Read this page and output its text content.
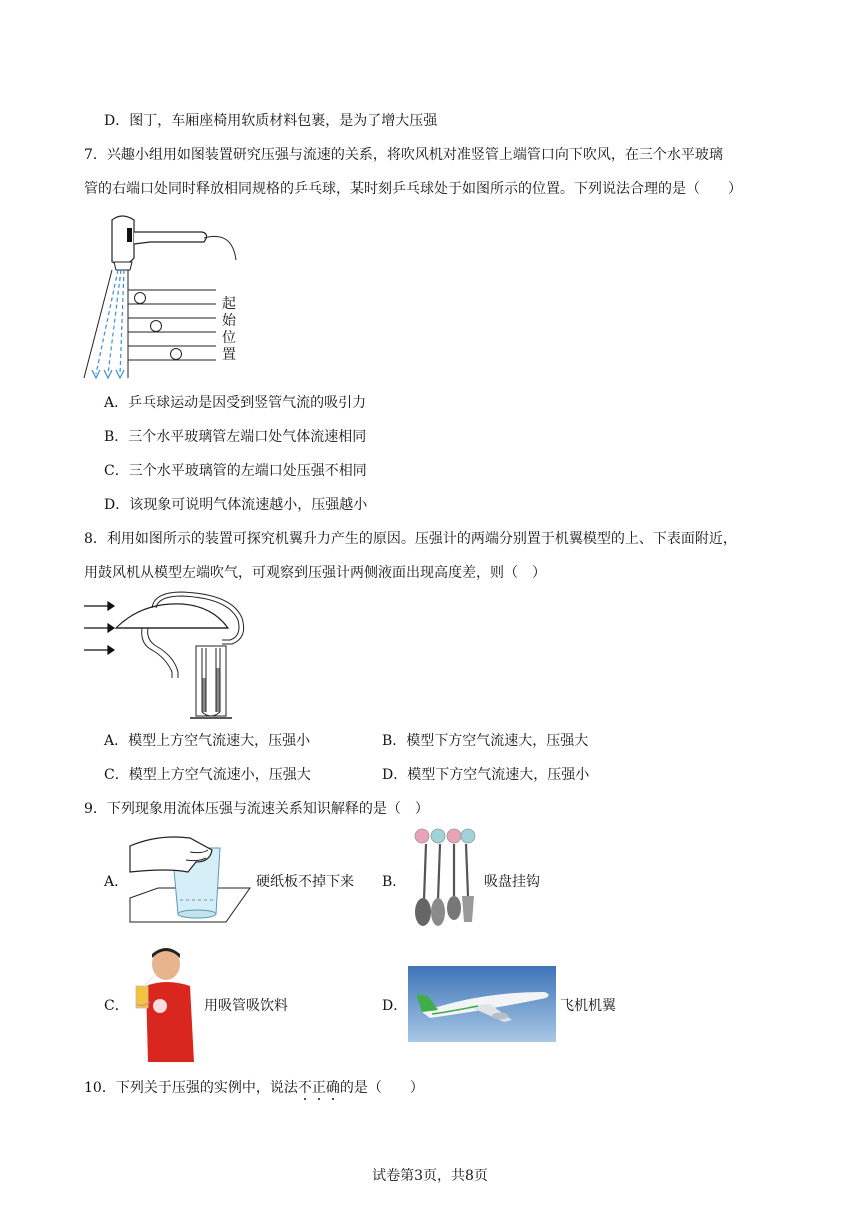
D．图丁，车厢座椅用软质材料包裹，是为了增大压强
7．兴趣小组用如图装置研究压强与流速的关系，将吹风机对准竖管上端管口向下吹风，在三个水平玻璃
管的右端口处同时释放相同规格的乒乓球，某时刻乒乓球处于如图所示的位置。下列说法合理的是（　　）
起始位置
A．乒乓球运动是因受到竖管气流的吸引力
B．三个水平玻璃管左端口处气体流速相同
C．三个水平玻璃管的左端口处压强不相同
D．该现象可说明气体流速越小，压强越小
8．利用如图所示的装置可探究机翼升力产生的原因。压强计的两端分别置于机翼模型的上、下表面附近，
用鼓风机从模型左端吹气，可观察到压强计两侧液面出现高度差，则（　）
A．模型上方空气流速大，压强小	B．模型下方空气流速大，压强大
C．模型上方空气流速小，压强大	D．模型下方空气流速大，压强小
9．下列现象用流体压强与流速关系知识解释的是（　）
A．	硬纸板不掉下来 B．	吸盘挂钩
C．	用吸管吸饮料	D．	飞机机翼
10．下列关于压强的实例中，说法不正确
的是（　　）
试卷第3页，共8页
